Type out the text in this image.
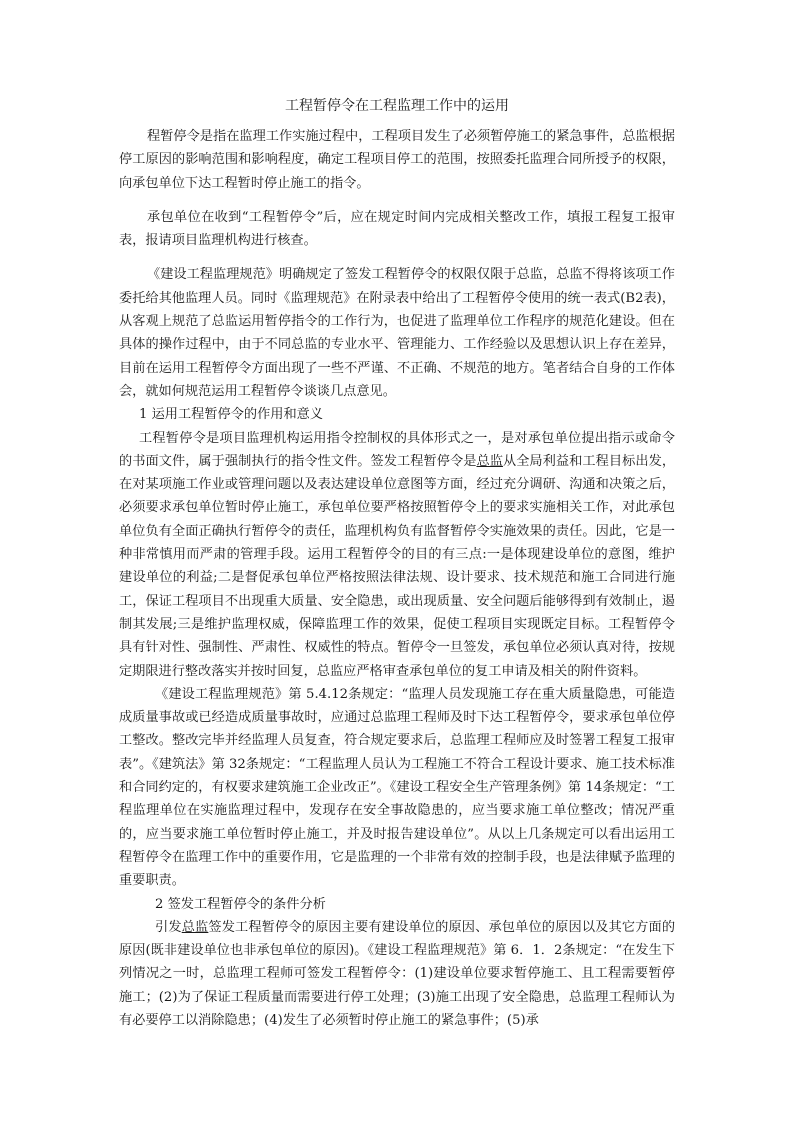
工程暂停令在工程监理工作中的运用

程暂停令是指在监理工作实施过程中，工程项目发生了必须暂停施工的紧急事件，总监根据停工原因的影响范围和影响程度，确定工程项目停工的范围，按照委托监理合同所授予的权限，向承包单位下达工程暂时停止施工的指令。

承包单位在收到“工程暂停令”后，应在规定时间内完成相关整改工作，填报工程复工报审表，报请项目监理机构进行核查。

《建设工程监理规范》明确规定了签发工程暂停令的权限仅限于总监，总监不得将该项工作委托给其他监理人员。同时《监理规范》在附录表中给出了工程暂停令使用的统一表式(B2表)，从客观上规范了总监运用暂停指令的工作行为，也促进了监理单位工作程序的规范化建设。但在具体的操作过程中，由于不同总监的专业水平、管理能力、工作经验以及思想认识上存在差异，目前在运用工程暂停令方面出现了一些不严谨、不正确、不规范的地方。笔者结合自身的工作体会，就如何规范运用工程暂停令谈谈几点意见。

1 运用工程暂停令的作用和意义

工程暂停令是项目监理机构运用指令控制权的具体形式之一，是对承包单位提出指示或命令的书面文件，属于强制执行的指令性文件。签发工程暂停令是总监从全局利益和工程目标出发，在对某项施工作业或管理问题以及表达建设单位意图等方面，经过充分调研、沟通和决策之后，必须要求承包单位暂时停止施工，承包单位要严格按照暂停令上的要求实施相关工作，对此承包单位负有全面正确执行暂停令的责任，监理机构负有监督暂停令实施效果的责任。因此，它是一种非常慎用而严肃的管理手段。运用工程暂停令的目的有三点:一是体现建设单位的意图，维护建设单位的利益;二是督促承包单位严格按照法律法规、设计要求、技术规范和施工合同进行施工，保证工程项目不出现重大质量、安全隐患，或出现质量、安全问题后能够得到有效制止，遏制其发展;三是维护监理权威，保障监理工作的效果，促使工程项目实现既定目标。工程暂停令具有针对性、强制性、严肃性、权威性的特点。暂停令一旦签发，承包单位必须认真对待，按规定期限进行整改落实并按时回复，总监应严格审查承包单位的复工申请及相关的附件资料。

《建设工程监理规范》第 5.4.12条规定：“监理人员发现施工存在重大质量隐患，可能造成质量事故或已经造成质量事故时，应通过总监理工程师及时下达工程暂停令，要求承包单位停工整改。整改完毕并经监理人员复查，符合规定要求后，总监理工程师应及时签署工程复工报审表”。《建筑法》第 32条规定：“工程监理人员认为工程施工不符合工程设计要求、施工技术标准和合同约定的，有权要求建筑施工企业改正”。《建设工程安全生产管理条例》第 14条规定：“工程监理单位在实施监理过程中，发现存在安全事故隐患的，应当要求施工单位整改；情况严重的，应当要求施工单位暂时停止施工，并及时报告建设单位”。从以上几条规定可以看出运用工程暂停令在监理工作中的重要作用，它是监理的一个非常有效的控制手段，也是法律赋予监理的重要职责。

2 签发工程暂停令的条件分析

引发总监签发工程暂停令的原因主要有建设单位的原因、承包单位的原因以及其它方面的原因(既非建设单位也非承包单位的原因)。《建设工程监理规范》第 6．1．2条规定：“在发生下列情况之一时，总监理工程师可签发工程暂停令：(1)建设单位要求暂停施工、且工程需要暂停施工；(2)为了保证工程质量而需要进行停工处理；(3)施工出现了安全隐患，总监理工程师认为有必要停工以消除隐患；(4)发生了必须暂时停止施工的紧急事件；(5)承
